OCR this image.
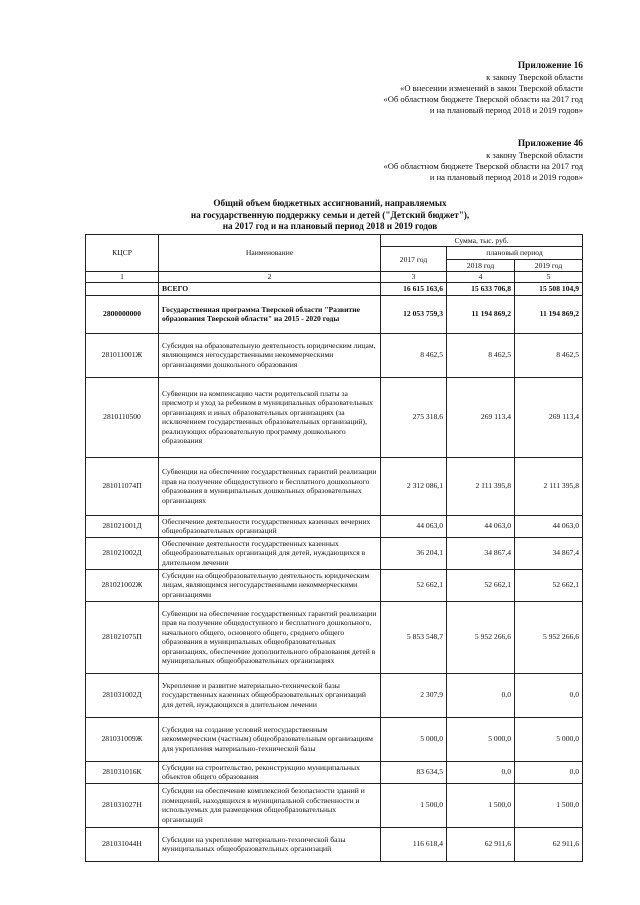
Приложение 16
к закону Тверской области
«О внесении изменений в закон Тверской области
«Об областном бюджете Тверской области на 2017 год
и на плановый период 2018 и 2019 годов»
Приложение 46
к закону Тверской области
«Об областном бюджете Тверской области на 2017 год
и на плановый период 2018 и 2019 годов»
Общий объем бюджетных ассигнований, направляемых
на государственную поддержку семьи и детей ("Детский бюджет"),
на 2017 год и на плановый период 2018 и 2019 годов
КЦСР	Наименование	Сумма, тыс. руб.		
		2017 год	плановый период	
			2018 год	2019 год
1	2	3	4	5
	ВСЕГО	16 615 163,6	15 633 706,8	15 508 104,9
2800000000	Государственная программа Тверской области "Развитие образования Тверской области" на 2015 - 2020 годы	12 053 759,3	11 194 869,2	11 194 869,2
281011001Ж	Субсидия на образовательную деятельность юридическим лицам, являющимся негосударственными некоммерческими организациями дошкольного образования	8 462,5	8 462,5	8 462,5
2810110500	Субвенции на компенсацию части родительской платы за присмотр и уход за ребенком в муниципальных образовательных организациях и иных образовательных организациях (за исключением государственных образовательных организаций), реализующих образовательную программу дошкольного образования	275 318,6	269 113,4	269 113,4
281011074П	Субвенции на обеспечение государственных гарантий реализации прав на получение общедоступного и бесплатного дошкольного образования в муниципальных дошкольных образовательных организациях	2 312 086,1	2 111 395,8	2 111 395,8
281021001Д	Обеспечение деятельности государственных казенных вечерних общеобразовательных организаций	44 063,0	44 063,0	44 063,0
281021002Д	Обеспечение деятельности государственных казенных общеобразовательных организаций для детей, нуждающихся в длительном лечении	36 204,1	34 867,4	34 867,4
281021002Ж	Субсидии на общеобразовательную деятельность юридическим лицам, являющимся негосударственными некоммерческими организациями	52 662,1	52 662,1	52 662,1
281021075П	Субвенции на обеспечение государственных гарантий реализации прав на получение общедоступного и бесплатного дошкольного, начального общего, основного общего, среднего общего образования в муниципальных общеобразовательных организациях, обеспечение дополнительного образования детей в муниципальных общеобразовательных организациях	5 853 548,7	5 952 266,6	5 952 266,6
281031002Д	Укрепление и развитие материально-технической базы государственных казенных общеобразовательных организаций для детей, нуждающихся в длительном лечении	2 307,9	0,0	0,0
281031009Ж	Субсидия на создание условий негосударственным некоммерческим (частным) общеобразовательным организациям для укрепления материально-технической базы	5 000,0	5 000,0	5 000,0
281031016К	Субсидии на строительство, реконструкцию муниципальных объектов общего образования	83 634,5	0,0	0,0
281031027Н	Субсидии на обеспечение комплексной безопасности зданий и помещений, находящихся в муниципальной собственности и используемых для размещения общеобразовательных организаций	1 500,0	1 500,0	1 500,0
281031044Н	Субсидии на укрепление материально-технической базы муниципальных общеобразовательных организаций	116 618,4	62 911,6	62 911,6
